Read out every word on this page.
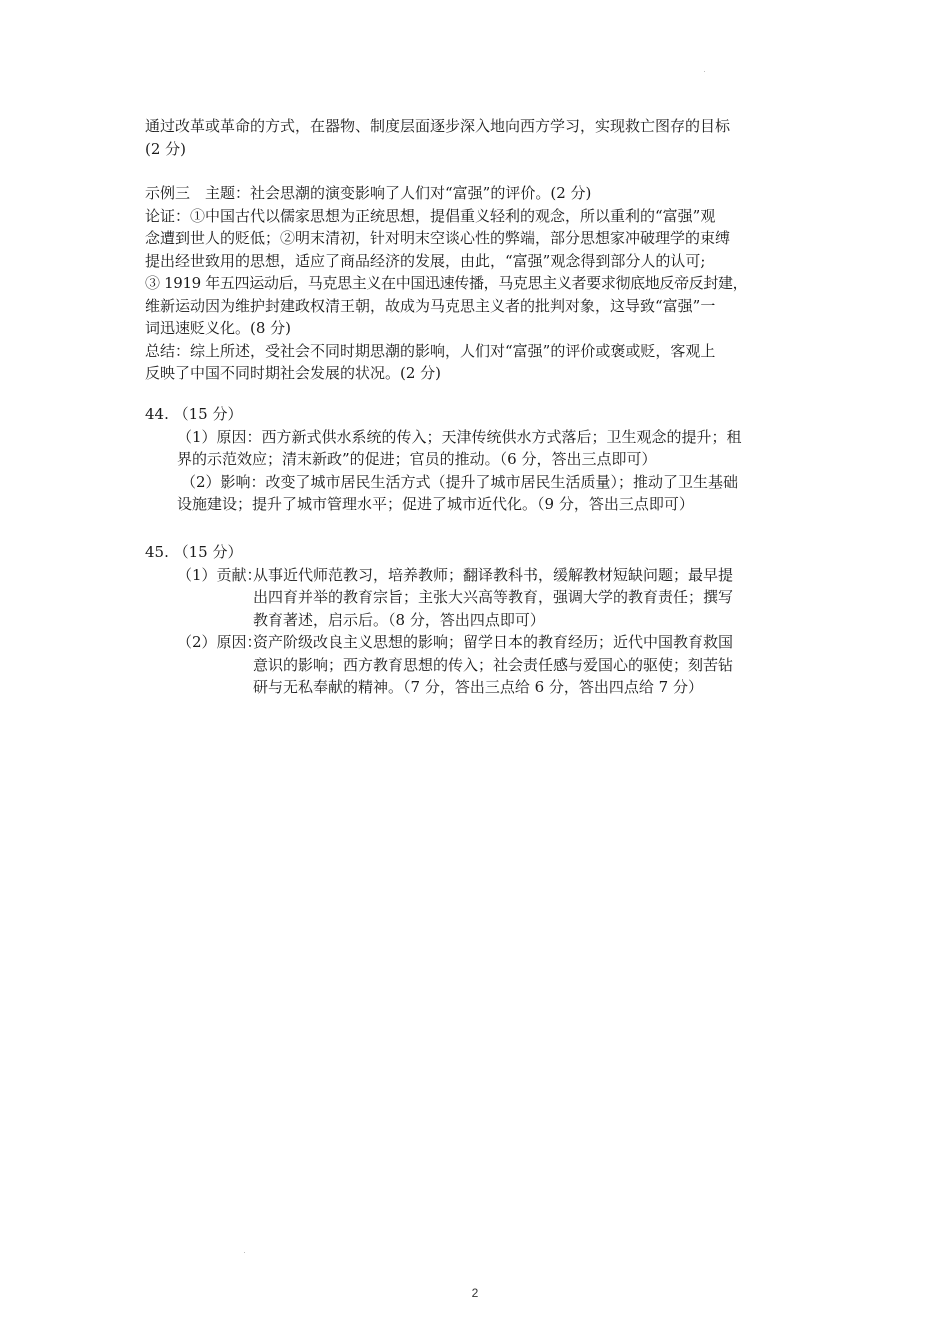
通过改革或革命的方式，在器物、制度层面逐步深入地向西方学习，实现救亡图存的目标
(2 分)
示例三　主题：社会思潮的演变影响了人们对“富强”的评价。(2 分)
论证：①中国古代以儒家思想为正统思想，提倡重义轻利的观念，所以重利的“富强”观
念遭到世人的贬低；②明末清初，针对明末空谈心性的弊端，部分思想家冲破理学的束缚
提出经世致用的思想，适应了商品经济的发展，由此，“富强”观念得到部分人的认可;
③ 1919 年五四运动后，马克思主义在中国迅速传播，马克思主义者要求彻底地反帝反封建，
维新运动因为维护封建政权清王朝，故成为马克思主义者的批判对象，这导致“富强”一
词迅速贬义化。(8 分)
总结：综上所述，受社会不同时期思潮的影响，人们对“富强”的评价或褒或贬，客观上
反映了中国不同时期社会发展的状况。(2 分)
44. （15 分）
（1）原因：西方新式供水系统的传入；天津传统供水方式落后；卫生观念的提升；租
界的示范效应；清末新政”的促进；官员的推动。（6 分，答出三点即可）
（2）影响：改变了城市居民生活方式（提升了城市居民生活质量）；推动了卫生基础
设施建设；提升了城市管理水平；促进了城市近代化。（9 分，答出三点即可）
45. （15 分）
（1）贡献：从事近代师范教习，培养教师；翻译教科书，缓解教材短缺问题；最早提
出四育并举的教育宗旨；主张大兴高等教育，强调大学的教育责任；撰写
教育著述，启示后。（8 分，答出四点即可）
（2）原因：资产阶级改良主义思想的影响；留学日本的教育经历；近代中国教育救国
意识的影响；西方教育思想的传入；社会责任感与爱国心的驱使；刻苦钻
研与无私奉献的精神。（7 分，答出三点给 6 分，答出四点给 7 分）
2
